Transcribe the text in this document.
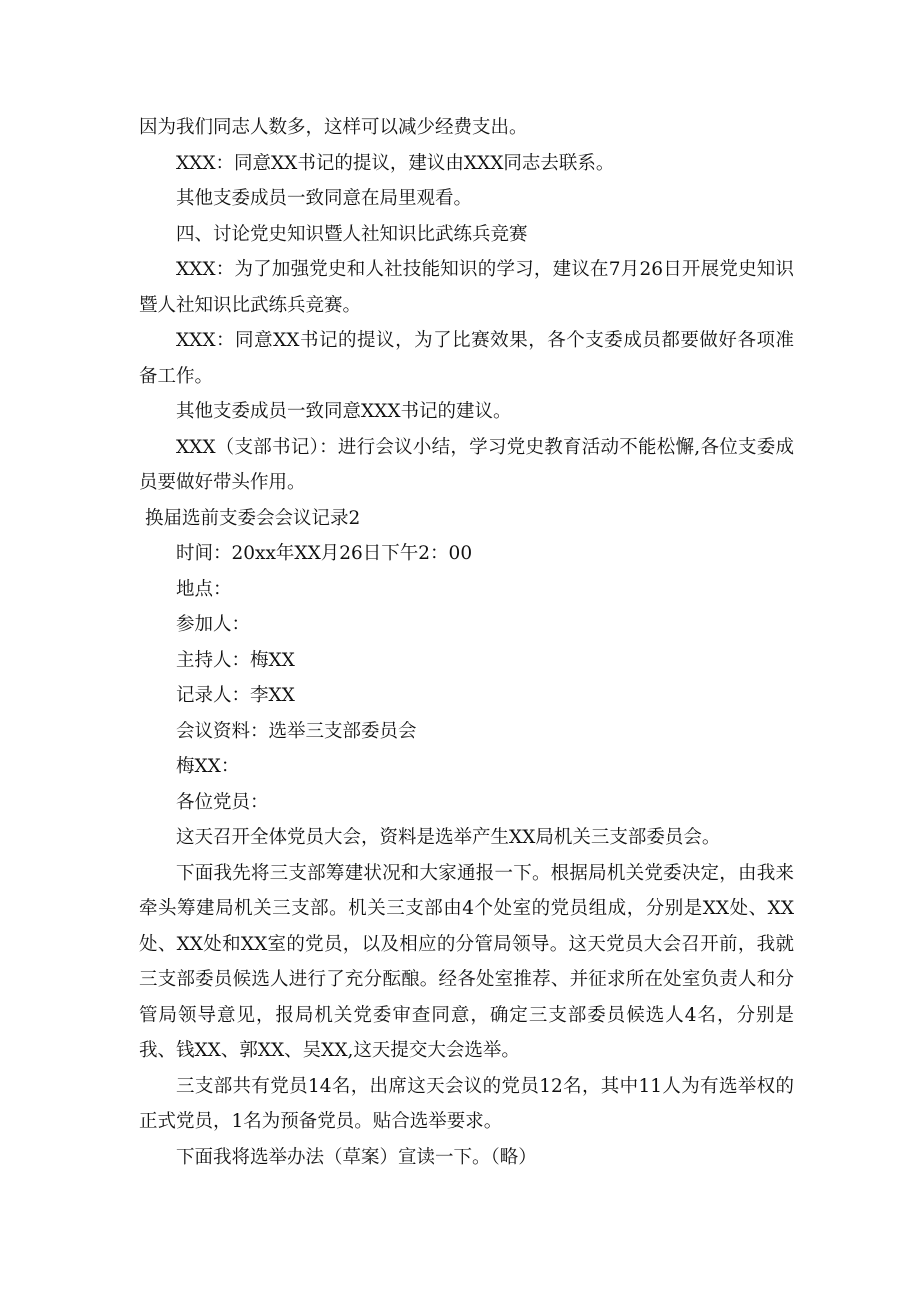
因为我们同志人数多，这样可以减少经费支出。

XXX：同意XX书记的提议，建议由XXX同志去联系。

其他支委成员一致同意在局里观看。

四、讨论党史知识暨人社知识比武练兵竞赛

XXX：为了加强党史和人社技能知识的学习，建议在7月26日开展党史知识暨人社知识比武练兵竞赛。

XXX：同意XX书记的提议，为了比赛效果，各个支委成员都要做好各项准备工作。

其他支委成员一致同意XXX书记的建议。

XXX（支部书记）：进行会议小结，学习党史教育活动不能松懈,各位支委成员要做好带头作用。

换届选前支委会会议记录2

时间：20xx年XX月26日下午2：00

地点：

参加人：

主持人：梅XX

记录人：李XX

会议资料：选举三支部委员会

梅XX：

各位党员：

这天召开全体党员大会，资料是选举产生XX局机关三支部委员会。

下面我先将三支部筹建状况和大家通报一下。根据局机关党委决定，由我来牵头筹建局机关三支部。机关三支部由4个处室的党员组成，分别是XX处、XX处、XX处和XX室的党员，以及相应的分管局领导。这天党员大会召开前，我就三支部委员候选人进行了充分酝酿。经各处室推荐、并征求所在处室负责人和分管局领导意见，报局机关党委审查同意，确定三支部委员候选人4名，分别是我、钱XX、郭XX、吴XX,这天提交大会选举。

三支部共有党员14名，出席这天会议的党员12名，其中11人为有选举权的正式党员，1名为预备党员。贴合选举要求。

下面我将选举办法（草案）宣读一下。（略）
